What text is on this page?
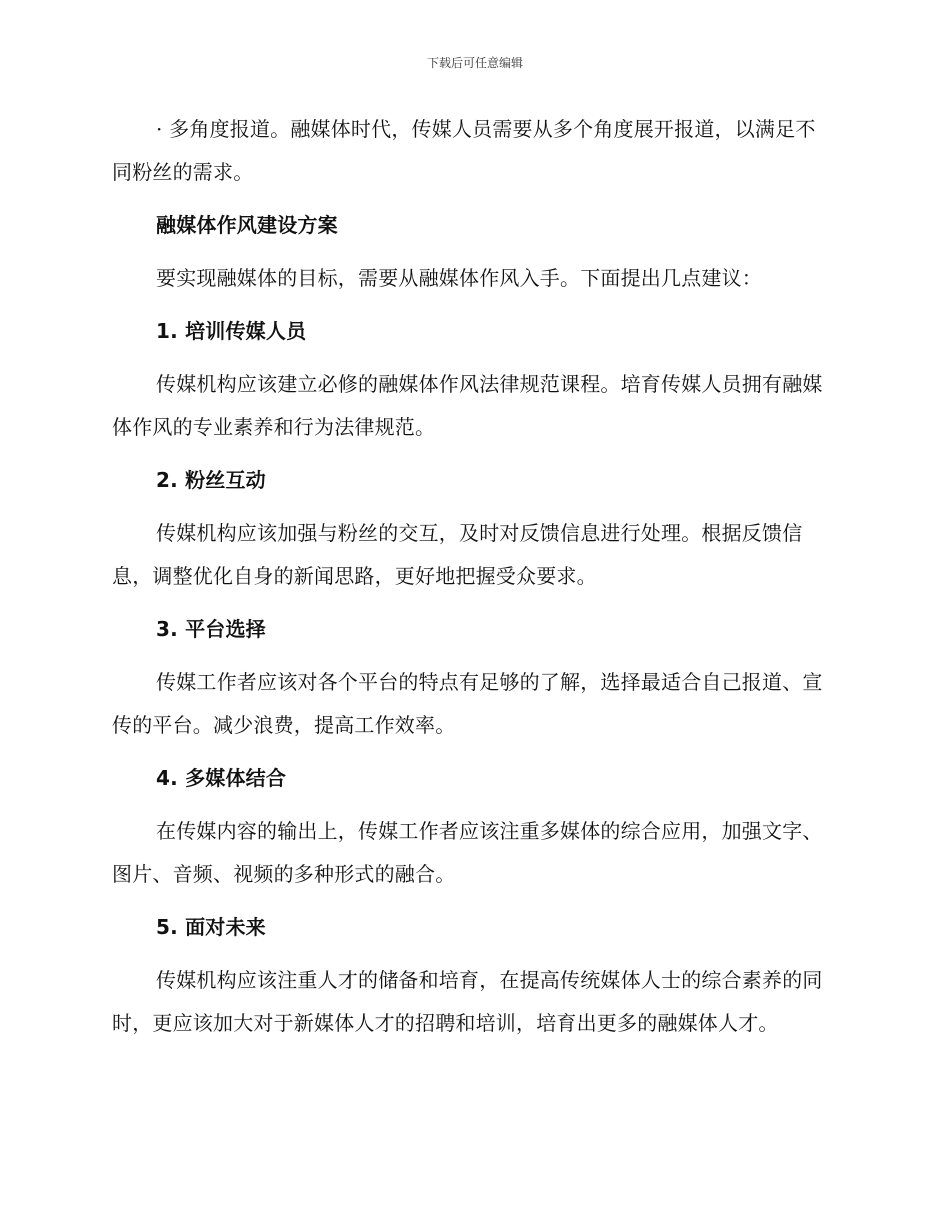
下载后可任意编辑

· 多角度报道。融媒体时代，传媒人员需要从多个角度展开报道，以满足不同粉丝的需求。

融媒体作风建设方案

要实现融媒体的目标，需要从融媒体作风入手。下面提出几点建议：

1. 培训传媒人员

传媒机构应该建立必修的融媒体作风法律规范课程。培育传媒人员拥有融媒体作风的专业素养和行为法律规范。

2. 粉丝互动

传媒机构应该加强与粉丝的交互，及时对反馈信息进行处理。根据反馈信息，调整优化自身的新闻思路，更好地把握受众要求。

3. 平台选择

传媒工作者应该对各个平台的特点有足够的了解，选择最适合自己报道、宣传的平台。减少浪费，提高工作效率。

4. 多媒体结合

在传媒内容的输出上，传媒工作者应该注重多媒体的综合应用，加强文字、图片、音频、视频的多种形式的融合。

5. 面对未来

传媒机构应该注重人才的储备和培育，在提高传统媒体人士的综合素养的同时，更应该加大对于新媒体人才的招聘和培训，培育出更多的融媒体人才。
